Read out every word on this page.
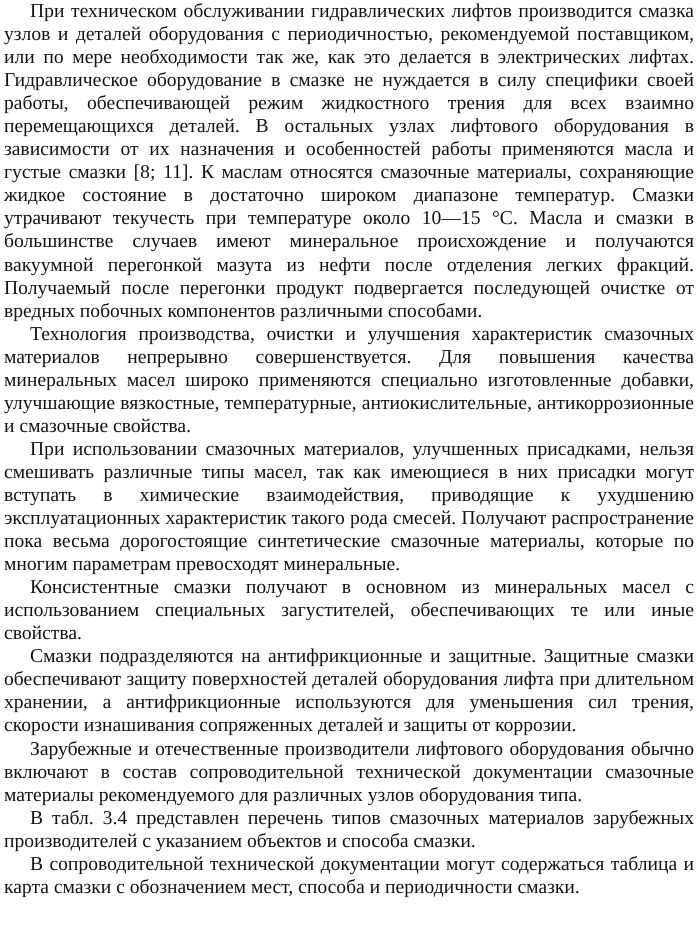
При техническом обслуживании гидравлических лифтов производится смазка узлов и деталей оборудования с периодичностью, рекомендуемой поставщиком, или по мере необходимости так же, как это делается в электрических лифтах. Гидравлическое оборудование в смазке не нуждается в силу специфики своей работы, обеспечивающей режим жидкостного трения для всех взаимно перемещающихся деталей. В остальных узлах лифтового оборудования в зависимости от их назначения и особенностей работы применяются масла и густые смазки [8; 11]. К маслам относятся смазочные материалы, сохраняющие жидкое состояние в достаточно широком диапазоне температур. Смазки утрачивают текучесть при температуре около 10—15 °С. Масла и смазки в большинстве случаев имеют минеральное происхождение и получаются вакуумной перегонкой мазута из нефти после отделения легких фракций. Получаемый после перегонки продукт подвергается последующей очистке от вредных побочных компонентов различными способами.

Технология производства, очистки и улучшения характеристик смазочных материалов непрерывно совершенствуется. Для повышения качества минеральных масел широко применяются специально изготовленные добавки, улучшающие вязкостные, температурные, антиокислительные, антикоррозионные и смазочные свойства.

При использовании смазочных материалов, улучшенных присадками, нельзя смешивать различные типы масел, так как имеющиеся в них присадки могут вступать в химические взаимодействия, приводящие к ухудшению эксплуатационных характеристик такого рода смесей. Получают распространение пока весьма дорогостоящие синтетические смазочные материалы, которые по многим параметрам превосходят минеральные.

Консистентные смазки получают в основном из минеральных масел с использованием специальных загустителей, обеспечивающих те или иные свойства.

Смазки подразделяются на антифрикционные и защитные. Защитные смазки обеспечивают защиту поверхностей деталей оборудования лифта при длительном хранении, а антифрикционные используются для уменьшения сил трения, скорости изнашивания сопряженных деталей и защиты от коррозии.

Зарубежные и отечественные производители лифтового оборудования обычно включают в состав сопроводительной технической документации смазочные материалы рекомендуемого для различных узлов оборудования типа.

В табл. 3.4 представлен перечень типов смазочных материалов зарубежных производителей с указанием объектов и способа смазки.

В сопроводительной технической документации могут содержаться таблица и карта смазки с обозначением мест, способа и периодичности смазки.
